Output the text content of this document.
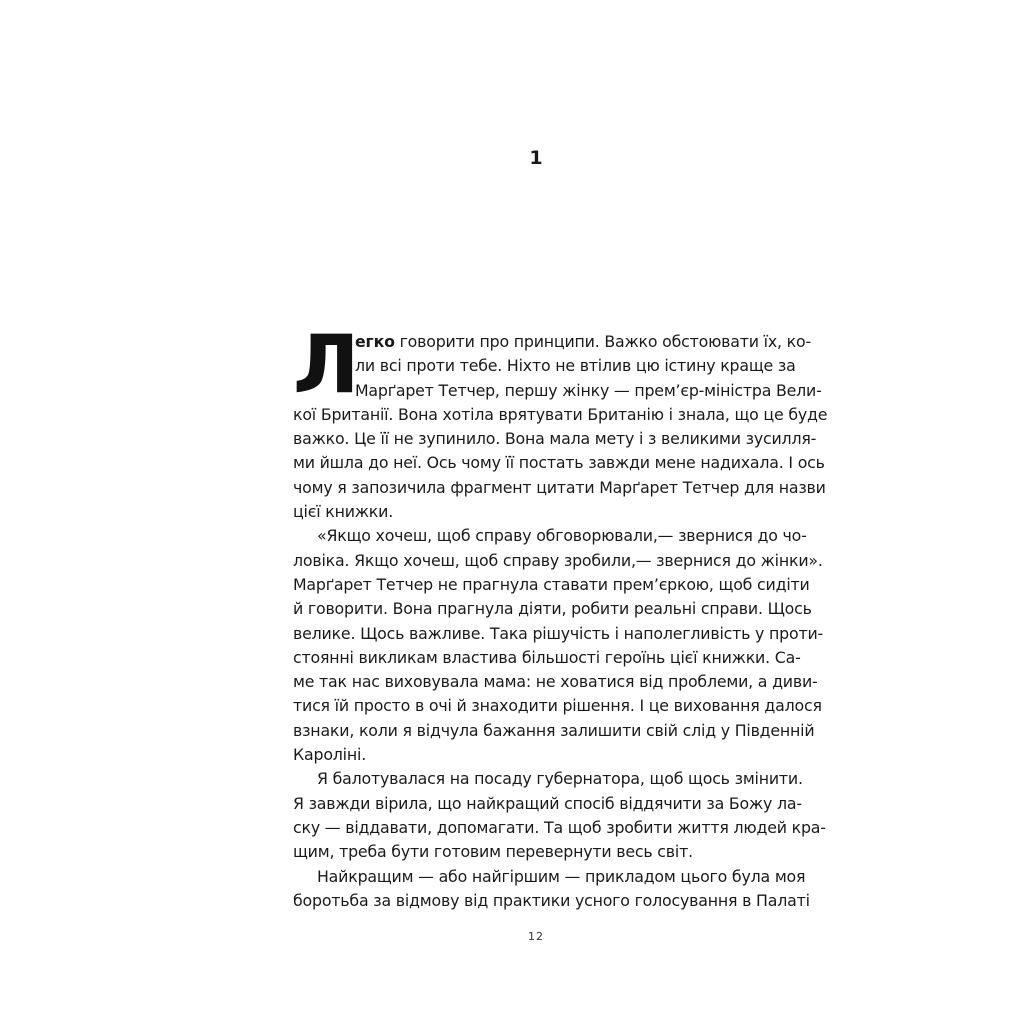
1
Л
егко говорити про принципи. Важко обстоювати їх, ко-
ли всі проти тебе. Ніхто не втілив цю істину краще за
Марґарет Тетчер, першу жінку — прем’єр-міністра Вели-
кої Британії. Вона хотіла врятувати Британію і знала, що це буде
важко. Це її не зупинило. Вона мала мету і з великими зусилля-
ми йшла до неї. Ось чому її постать завжди мене надихала. І ось
чому я запозичила фрагмент цитати Марґарет Тетчер для назви
цієї книжки.
«Якщо хочеш, щоб справу обговорювали,— звернися до чо-
ловіка. Якщо хочеш, щоб справу зробили,— звернися до жінки».
Марґарет Тетчер не прагнула ставати прем’єркою, щоб сидіти
й говорити. Вона прагнула діяти, робити реальні справи. Щось
велике. Щось важливе. Така рішучість і наполегливість у проти-
стоянні викликам властива більшості героїнь цієї книжки. Са-
ме так нас виховувала мама: не ховатися від проблеми, а диви-
тися їй просто в очі й знаходити рішення. І це виховання далося
взнаки, коли я відчула бажання залишити свій слід у Південній
Кароліні.
Я балотувалася на посаду губернатора, щоб щось змінити.
Я завжди вірила, що найкращий спосіб віддячити за Божу ла-
ску — віддавати, допомагати. Та щоб зробити життя людей кра-
щим, треба бути готовим перевернути весь світ.
Найкращим — або найгіршим — прикладом цього була моя
боротьба за відмову від практики усного голосування в Палаті
12
